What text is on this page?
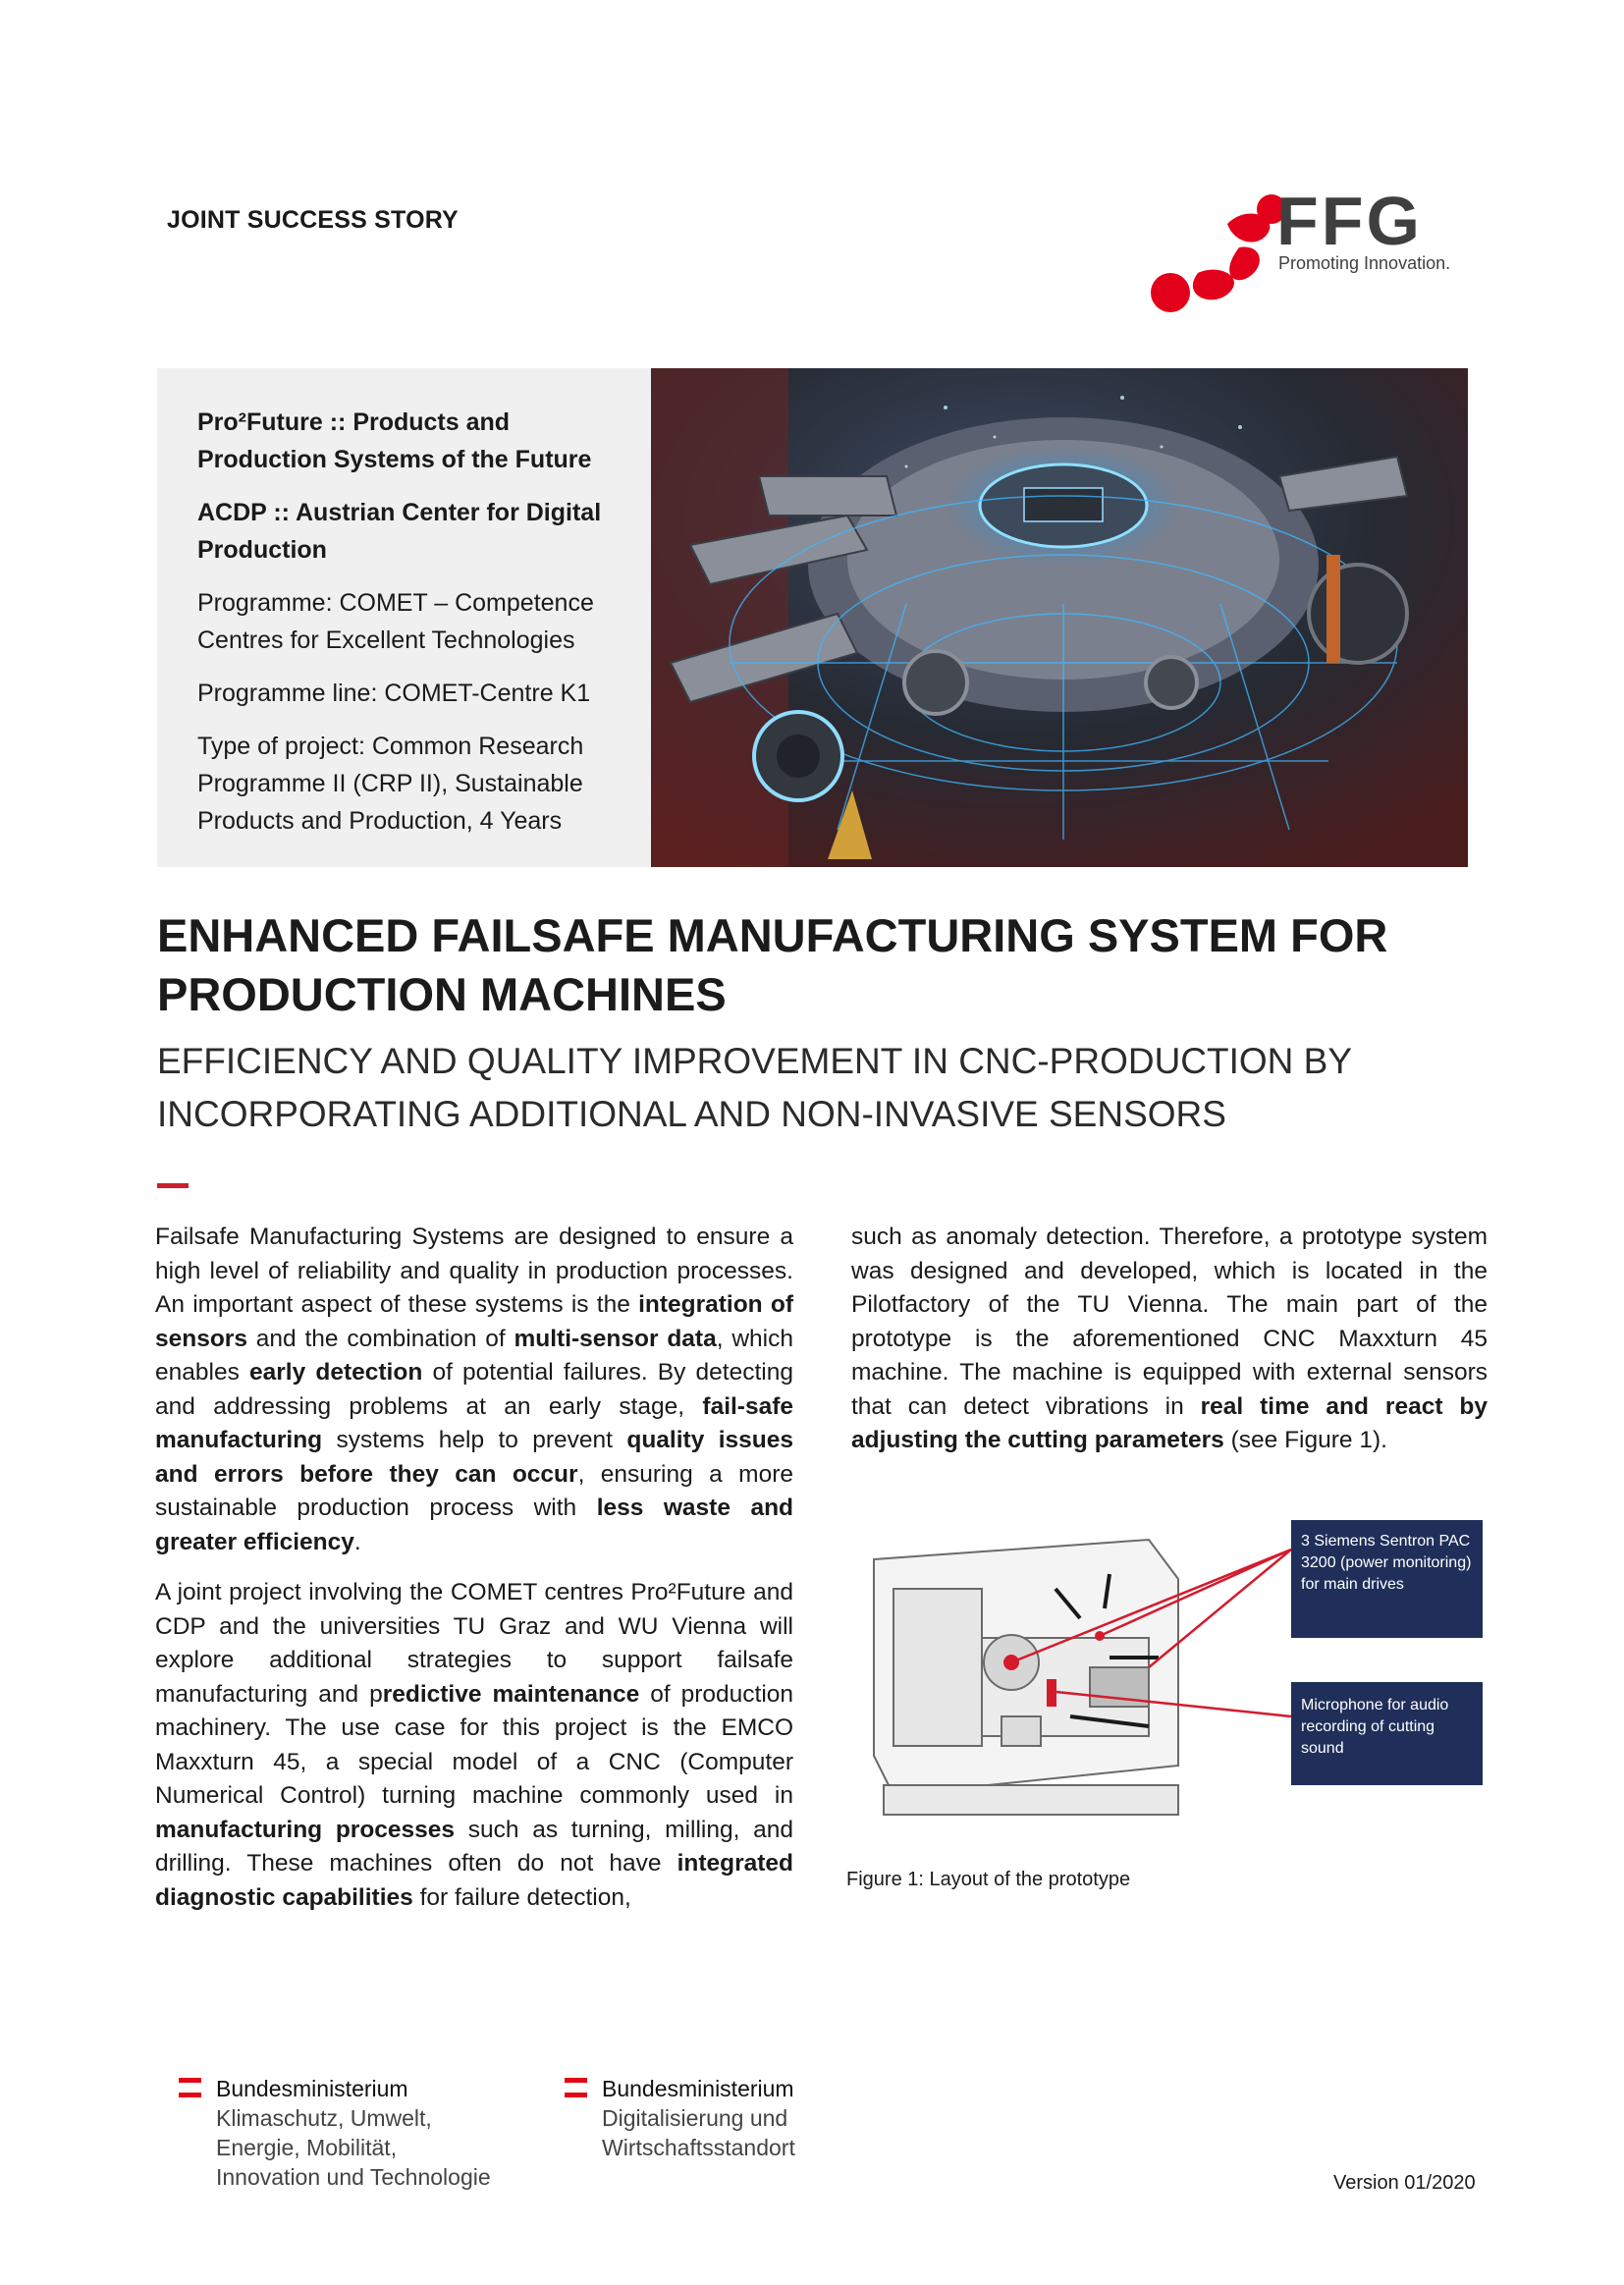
JOINT SUCCESS STORY	FFG
Promoting Innovation.

Pro²Future :: Products and Production Systems of the Future

ACDP :: Austrian Center for Digital Production

Programme: COMET – Competence Centres for Excellent Technologies

Programme line: COMET-Centre K1

Type of project: Common Research Programme II (CRP II), Sustainable Products and Production, 4 Years

ENHANCED FAILSAFE MANUFACTURING SYSTEM FOR PRODUCTION MACHINES
EFFICIENCY AND QUALITY IMPROVEMENT IN CNC-PRODUCTION BY INCORPORATING ADDITIONAL AND NON-INVASIVE SENSORS

Failsafe Manufacturing Systems are designed to ensure a high level of reliability and quality in production processes. An important aspect of these systems is the integration of sensors and the combination of multi-sensor data, which enables early detection of potential failures. By detecting and addressing problems at an early stage, fail-safe manufacturing systems help to prevent quality issues and errors before they can occur, ensuring a more sustainable production process with less waste and greater efficiency.

A joint project involving the COMET centres Pro²Future and CDP and the universities TU Graz and WU Vienna will explore additional strategies to support failsafe manufacturing and predictive maintenance of production machinery. The use case for this project is the EMCO Maxxturn 45, a special model of a CNC (Computer Numerical Control) turning machine commonly used in manufacturing processes such as turning, milling, and drilling. These machines often do not have integrated diagnostic capabilities for failure detection,

such as anomaly detection. Therefore, a prototype system was designed and developed, which is located in the Pilotfactory of the TU Vienna. The main part of the prototype is the aforementioned CNC Maxxturn 45 machine. The machine is equipped with external sensors that can detect vibrations in real time and react by adjusting the cutting parameters (see Figure 1).

3 Siemens Sentron PAC 3200 (power monitoring) for main drives
Microphone for audio recording of cutting sound
Figure 1: Layout of the prototype
Bundesministerium
Klimaschutz, Umwelt,
Energie, Mobilität,
Innovation und Technologie
Bundesministerium
Digitalisierung und
Wirtschaftsstandort
Version 01/2020
